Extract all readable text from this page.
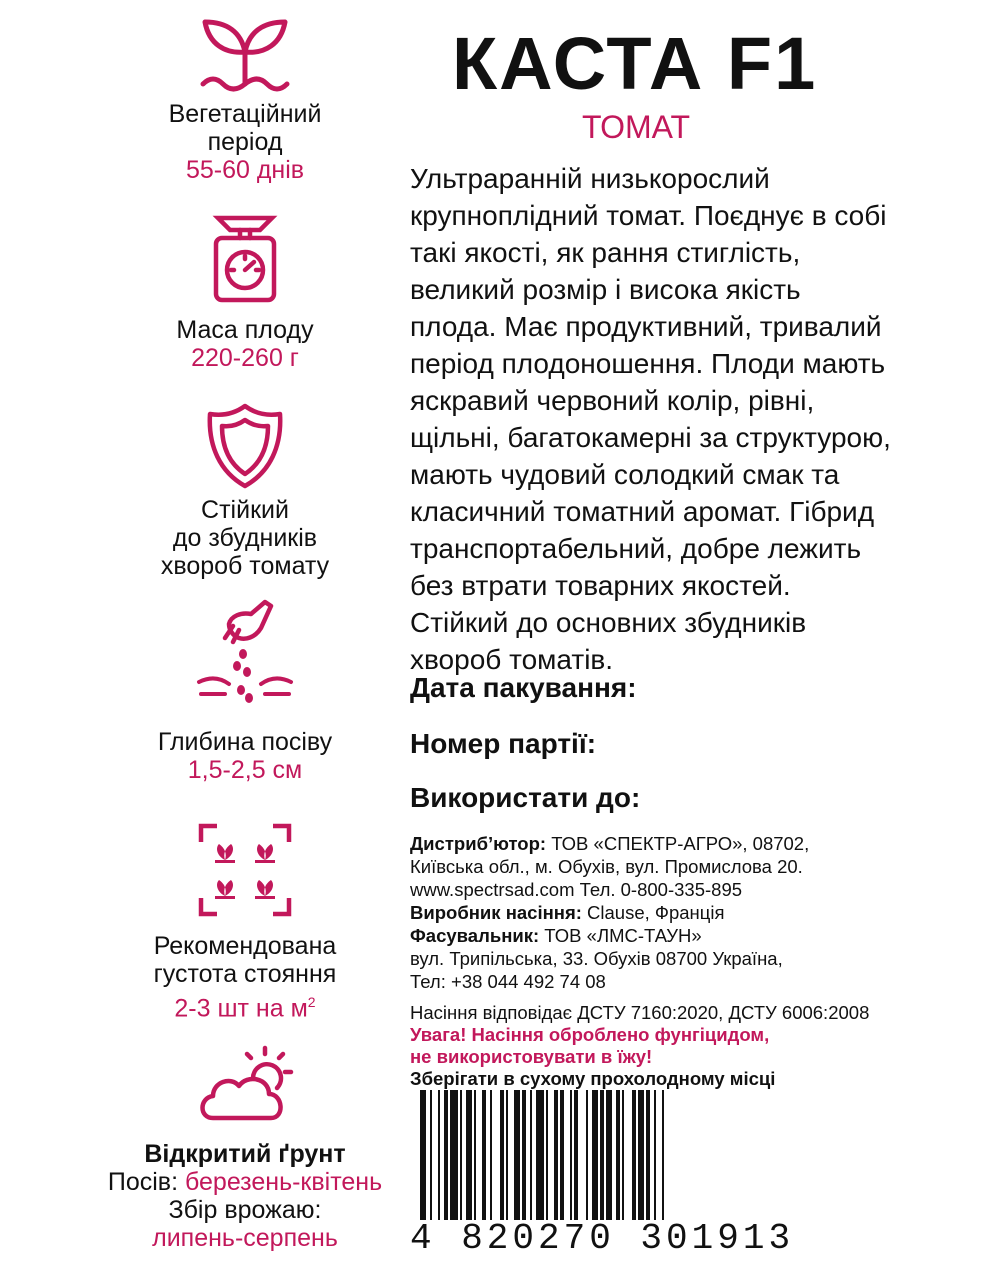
Вегетаційний
період
55-60 днів
Маса плоду
220-260 г
Стійкий
до збудників
хвороб томату
Глибина посіву
1,5-2,5 см
Рекомендована
густота стояння
2-3 шт на $м^2$
Відкритий ґрунт
Посів: березень-квітень
Збір врожаю:
липень-серпень
КАСТА F1
ТОМАТ
Ультраранній низькорослий
крупноплідний томат. Поєднує в собі
такі якості, як рання стиглість,
великий розмір і висока якість
плода. Має продуктивний, тривалий
період плодоношення. Плоди мають
яскравий червоний колір, рівні,
щільні, багатокамерні за структурою,
мають чудовий солодкий смак та
класичний томатний аромат. Гібрид
транспортабельний, добре лежить
без втрати товарних якостей.
Стійкий до основних збудників
хвороб томатів.
Дата пакування:
Номер партії:
Використати до:
Дистриб’ютор: ТОВ «СПЕКТР-АГРО», 08702,
Київська обл., м. Обухів, вул. Промислова 20.
www.spectrsad.com Тел. 0-800-335-895
Виробник насіння: Clause, Франція
Фасувальник: ТОВ «ЛМС-ТАУН»
вул. Трипільська, 33. Обухів 08700 Україна,
Тел: +38 044 492 74 08
Насіння відповідає ДСТУ 7160:2020, ДСТУ 6006:2008
Увага! Насіння оброблено фунгіцидом,
не використовувати в їжу!
Зберігати в сухому прохолодному місці
4 820270 301913
